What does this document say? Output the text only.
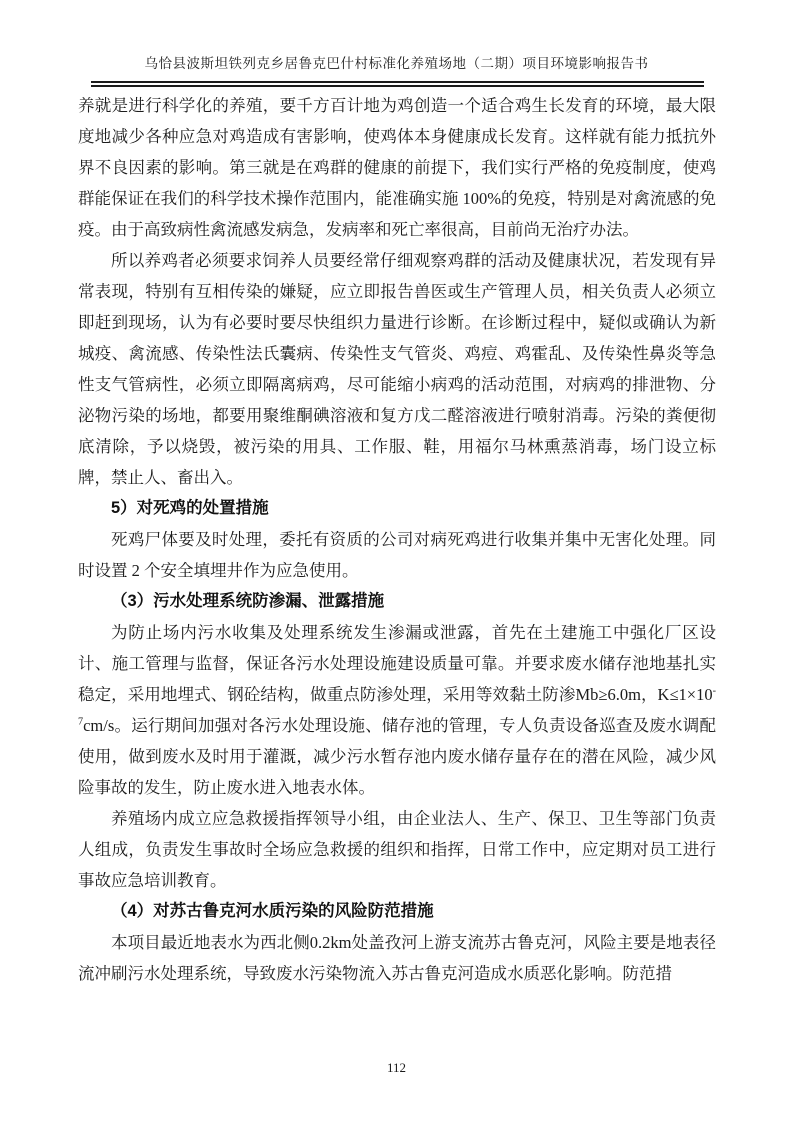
乌恰县波斯坦铁列克乡居鲁克巴什村标准化养殖场地（二期）项目环境影响报告书

养就是进行科学化的养殖，要千方百计地为鸡创造一个适合鸡生长发育的环境，最大限度地减少各种应急对鸡造成有害影响，使鸡体本身健康成长发育。这样就有能力抵抗外界不良因素的影响。第三就是在鸡群的健康的前提下，我们实行严格的免疫制度，使鸡群能保证在我们的科学技术操作范围内，能准确实施 100%的免疫，特别是对禽流感的免疫。由于高致病性禽流感发病急，发病率和死亡率很高，目前尚无治疗办法。

所以养鸡者必须要求饲养人员要经常仔细观察鸡群的活动及健康状况，若发现有异常表现，特别有互相传染的嫌疑，应立即报告兽医或生产管理人员，相关负责人必须立即赶到现场，认为有必要时要尽快组织力量进行诊断。在诊断过程中，疑似或确认为新城疫、禽流感、传染性法氏囊病、传染性支气管炎、鸡痘、鸡霍乱、及传染性鼻炎等急性支气管病性，必须立即隔离病鸡，尽可能缩小病鸡的活动范围，对病鸡的排泄物、分泌物污染的场地，都要用聚维酮碘溶液和复方戊二醛溶液进行喷射消毒。污染的粪便彻底清除，予以烧毁，被污染的用具、工作服、鞋，用福尔马林熏蒸消毒，场门设立标牌，禁止人、畜出入。

5）对死鸡的处置措施

死鸡尸体要及时处理，委托有资质的公司对病死鸡进行收集并集中无害化处理。同时设置 2 个安全填埋井作为应急使用。

（3）污水处理系统防渗漏、泄露措施

为防止场内污水收集及处理系统发生渗漏或泄露，首先在土建施工中强化厂区设计、施工管理与监督，保证各污水处理设施建设质量可靠。并要求废水储存池地基扎实稳定，采用地埋式、钢砼结构，做重点防渗处理，采用等效黏土防渗Mb≥6.0m，$K\le 1\times 10^{-7}cm/s$。运行期间加强对各污水处理设施、储存池的管理，专人负责设备巡查及废水调配使用，做到废水及时用于灌溉，减少污水暂存池内废水储存量存在的潜在风险，减少风险事故的发生，防止废水进入地表水体。

养殖场内成立应急救援指挥领导小组，由企业法人、生产、保卫、卫生等部门负责人组成，负责发生事故时全场应急救援的组织和指挥，日常工作中，应定期对员工进行事故应急培训教育。

（4）对苏古鲁克河水质污染的风险防范措施

本项目最近地表水为西北侧0.2km处盖孜河上游支流苏古鲁克河，风险主要是地表径流冲刷污水处理系统，导致废水污染物流入苏古鲁克河造成水质恶化影响。防范措

112
